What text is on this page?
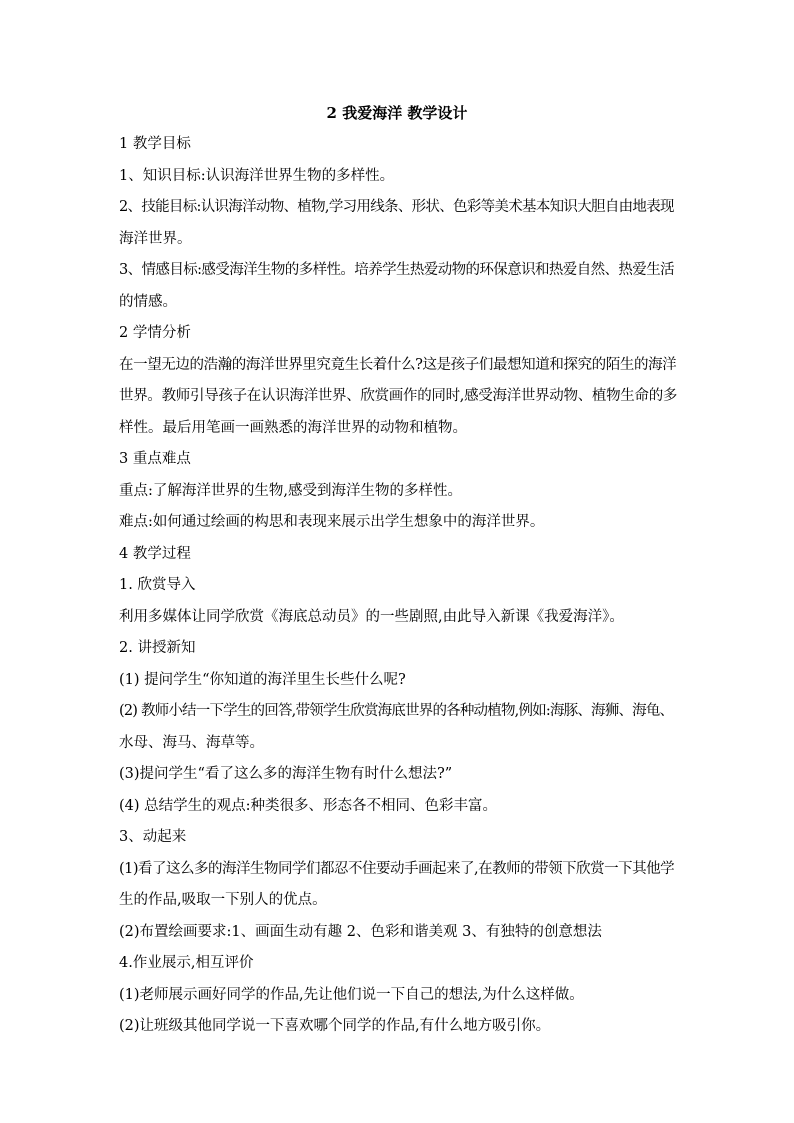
2 我爱海洋 教学设计

1 教学目标

1、知识目标:认识海洋世界生物的多样性。

2、技能目标:认识海洋动物、植物,学习用线条、形状、色彩等美术基本知识大胆自由地表现

海洋世界。

3、情感目标:感受海洋生物的多样性。培养学生热爱动物的环保意识和热爱自然、热爱生活

的情感。

2 学情分析

在一望无边的浩瀚的海洋世界里究竟生长着什么?这是孩子们最想知道和探究的陌生的海洋

世界。教师引导孩子在认识海洋世界、欣赏画作的同时,感受海洋世界动物、植物生命的多

样性。最后用笔画一画熟悉的海洋世界的动物和植物。

3 重点难点

重点:了解海洋世界的生物,感受到海洋生物的多样性。

难点:如何通过绘画的构思和表现来展示出学生想象中的海洋世界。

4 教学过程

1. 欣赏导入

利用多媒体让同学欣赏《海底总动员》的一些剧照,由此导入新课《我爱海洋》。

2. 讲授新知

(1) 提问学生“你知道的海洋里生长些什么呢?

(2) 教师小结一下学生的回答,带领学生欣赏海底世界的各种动植物,例如:海豚、海狮、海龟、

水母、海马、海草等。

(3)提问学生“看了这么多的海洋生物有时什么想法?”

(4) 总结学生的观点:种类很多、形态各不相同、色彩丰富。

3、动起来

(1)看了这么多的海洋生物同学们都忍不住要动手画起来了,在教师的带领下欣赏一下其他学

生的作品,吸取一下别人的优点。

(2)布置绘画要求:1、画面生动有趣 2、色彩和谐美观 3、有独特的创意想法

4.作业展示,相互评价

(1)老师展示画好同学的作品,先让他们说一下自己的想法,为什么这样做。

(2)让班级其他同学说一下喜欢哪个同学的作品,有什么地方吸引你。
